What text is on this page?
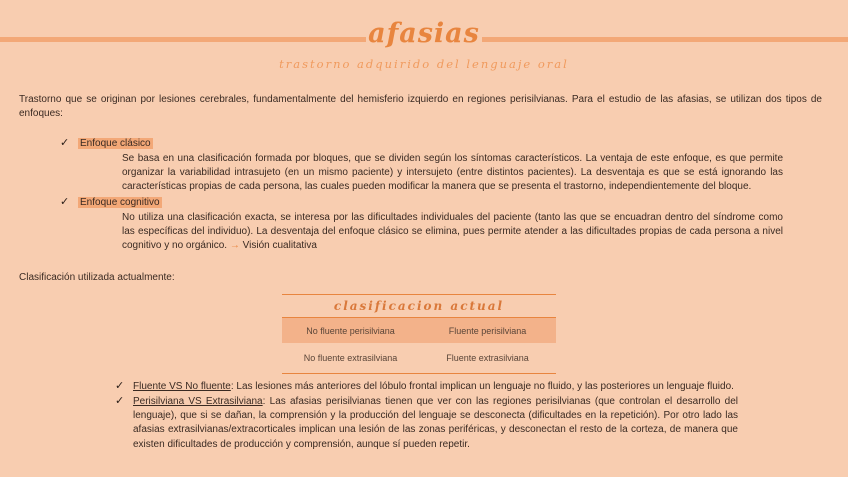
afasias
trastorno adquirido del lenguaje oral
Trastorno que se originan por lesiones cerebrales, fundamentalmente del hemisferio izquierdo en regiones perisilvianas. Para el estudio de las afasias, se utilizan dos tipos de enfoques:
✓ Enfoque clásico
Se basa en una clasificación formada por bloques, que se dividen según los síntomas característicos. La ventaja de este enfoque, es que permite organizar la variabilidad intrasujeto (en un mismo paciente) y intersujeto (entre distintos pacientes). La desventaja es que se está ignorando las características propias de cada persona, las cuales pueden modificar la manera que se presenta el trastorno, independientemente del bloque.
✓ Enfoque cognitivo
No utiliza una clasificación exacta, se interesa por las dificultades individuales del paciente (tanto las que se encuadran dentro del síndrome como las específicas del individuo). La desventaja del enfoque clásico se elimina, pues permite atender a las dificultades propias de cada persona a nivel cognitivo y no orgánico. → Visión cualitativa
Clasificación utilizada actualmente:
clasificacion actual	
No fluente perisilviana	Fluente perisilviana
No fluente extrasilviana	Fluente extrasilviana
✓ Fluente VS No fluente: Las lesiones más anteriores del lóbulo frontal implican un lenguaje no fluido, y las posteriores un lenguaje fluido.
✓ Perisilviana VS Extrasilviana: Las afasias perisilvianas tienen que ver con las regiones perisilvianas (que controlan el desarrollo del lenguaje), que si se dañan, la comprensión y la producción del lenguaje se desconecta (dificultades en la repetición). Por otro lado las afasias extrasilvianas/extracorticales implican una lesión de las zonas periféricas, y desconectan el resto de la corteza, de manera que existen dificultades de producción y comprensión, aunque sí pueden repetir.
